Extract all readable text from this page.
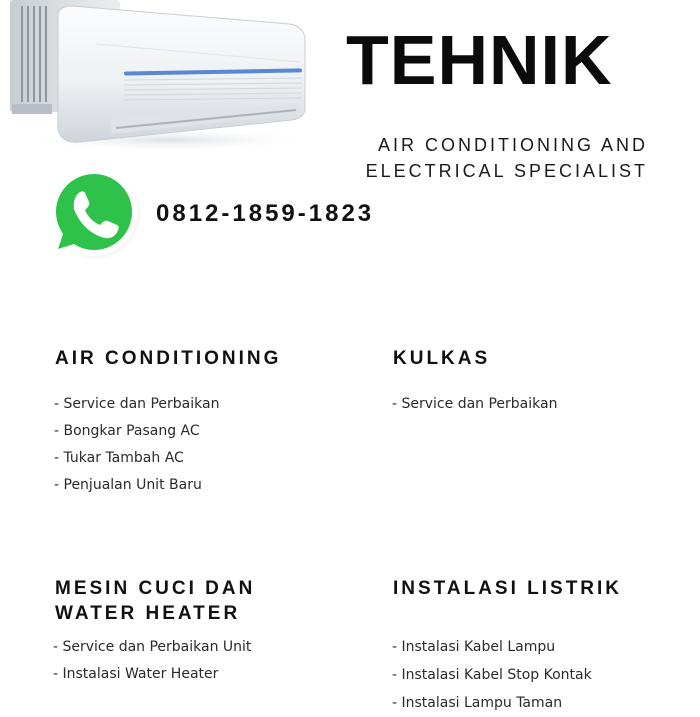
TEHNIK
AIR CONDITIONING AND
ELECTRICAL SPECIALIST
0812-1859-1823
AIR CONDITIONING
- Service dan Perbaikan
- Bongkar Pasang AC
- Tukar Tambah AC
- Penjualan Unit Baru
KULKAS
- Service dan Perbaikan
MESIN CUCI DAN
WATER HEATER
- Service dan Perbaikan Unit
- Instalasi Water Heater
INSTALASI LISTRIK
- Instalasi Kabel Lampu
- Instalasi Kabel Stop Kontak
- Instalasi Lampu Taman
